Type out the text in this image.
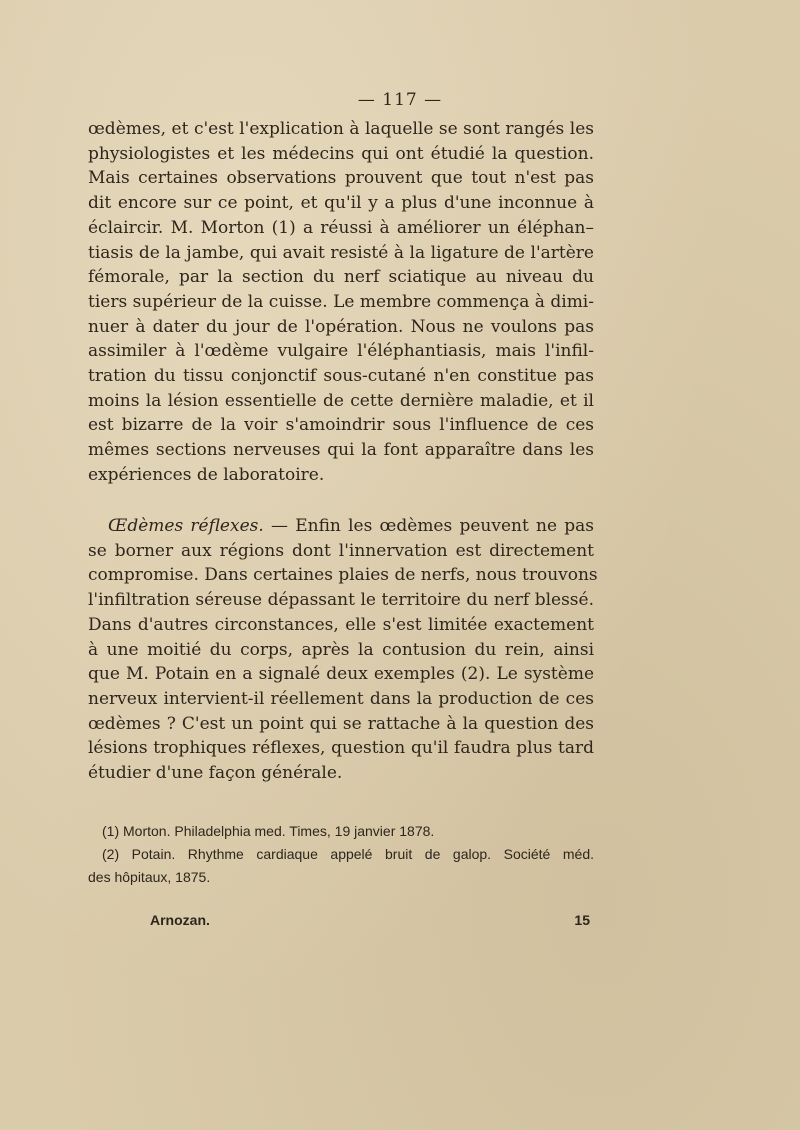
— 117 —
œdèmes, et c'est l'explication à laquelle se sont rangés les
physiologistes et les médecins qui ont étudié la question.
Mais certaines observations prouvent que tout n'est pas
dit encore sur ce point, et qu'il y a plus d'une inconnue à
éclaircir. M. Morton (1) a réussi à améliorer un éléphan–
tiasis de la jambe, qui avait resisté à la ligature de l'artère
fémorale, par la section du nerf sciatique au niveau du
tiers supérieur de la cuisse. Le membre commença à dimi-
nuer à dater du jour de l'opération. Nous ne voulons pas
assimiler à l'œdème vulgaire l'éléphantiasis, mais l'infil-
tration du tissu conjonctif sous-cutané n'en constitue pas
moins la lésion essentielle de cette dernière maladie, et il
est bizarre de la voir s'amoindrir sous l'influence de ces
mêmes sections nerveuses qui la font apparaître dans les
expériences de laboratoire.
Œdèmes réflexes. — Enfin les œdèmes peuvent ne pas
se borner aux régions dont l'innervation est directement
compromise. Dans certaines plaies de nerfs, nous trouvons
l'infiltration séreuse dépassant le territoire du nerf blessé.
Dans d'autres circonstances, elle s'est limitée exactement
à une moitié du corps, après la contusion du rein, ainsi
que M. Potain en a signalé deux exemples (2). Le système
nerveux intervient-il réellement dans la production de ces
œdèmes ? C'est un point qui se rattache à la question des
lésions trophiques réflexes, question qu'il faudra plus tard
étudier d'une façon générale.
(1) Morton. Philadelphia med. Times, 19 janvier 1878.
(2) Potain. Rhythme cardiaque appelé bruit de galop. Société méd.
des hôpitaux, 1875.
Arnozan.	15
